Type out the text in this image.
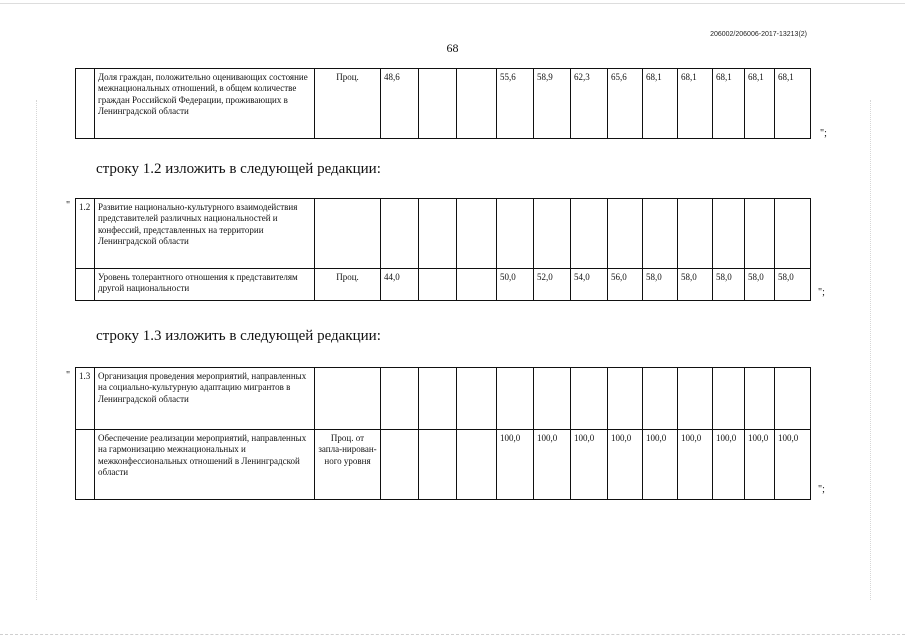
206002/206006-2017-13213(2)
68
	Доля граждан, положительно оценивающих состояние межнациональных отношений, в общем количестве граждан Российской Федерации, проживающих в Ленинградской области	Проц.	48,6			55,6	58,9	62,3	65,6	68,1	68,1	68,1	68,1	68,1
";
строку 1.2 изложить в следующей редакции:
" 1.2	Развитие национально-культурного взаимодействия представителей различных национальностей и конфессий, представленных на территории Ленинградской области													
	Уровень толерантного отношения к представителям другой национальности	Проц.	44,0			50,0	52,0	54,0	56,0	58,0	58,0	58,0	58,0	58,0
";
строку 1.3 изложить в следующей редакции:
" 1.3	Организация проведения мероприятий, направленных на социально-культурную адаптацию мигрантов в Ленинградской области													
	Обеспечение реализации мероприятий, направленных на гармонизацию межнациональных и межконфессиональных отношений в Ленинградской области	Проц. от запла-нирован-ного уровня				100,0	100,0	100,0	100,0	100,0	100,0	100,0	100,0	100,0
";
